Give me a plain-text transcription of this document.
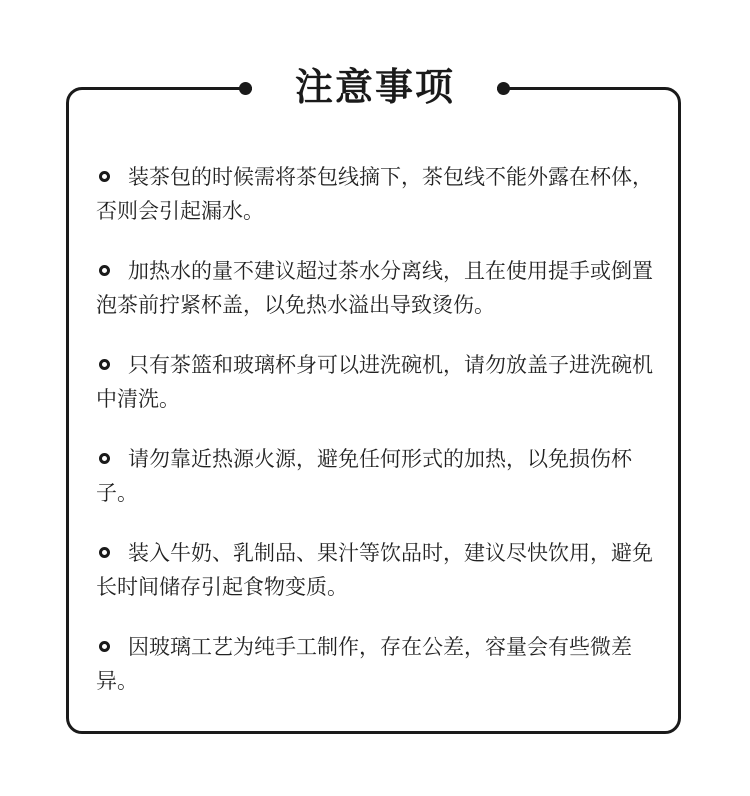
注意事项
装茶包的时候需将茶包线摘下，茶包线不能外露在杯体，否则会引起漏水。
加热水的量不建议超过茶水分离线，且在使用提手或倒置泡茶前拧紧杯盖，以免热水溢出导致烫伤。
只有茶篮和玻璃杯身可以进洗碗机，请勿放盖子进洗碗机中清洗。
请勿靠近热源火源，避免任何形式的加热，以免损伤杯子。
装入牛奶、乳制品、果汁等饮品时，建议尽快饮用，避免长时间储存引起食物变质。
因玻璃工艺为纯手工制作，存在公差，容量会有些微差异。
